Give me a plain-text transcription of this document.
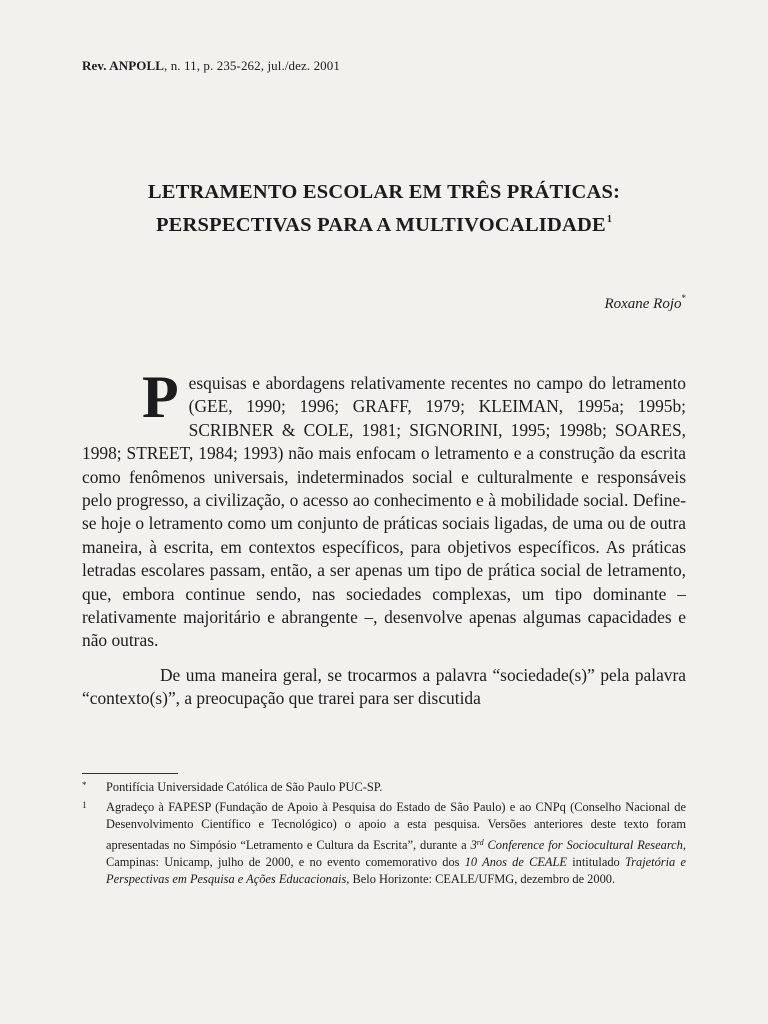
Rev. ANPOLL, n. 11, p. 235-262, jul./dez. 2001
LETRAMENTO ESCOLAR EM TRÊS PRÁTICAS:
PERSPECTIVAS PARA A MULTIVOCALIDADE$^1$
Roxane Rojo*

Pesquisas e abordagens relativamente recentes no campo do letramento (GEE, 1990; 1996; GRAFF, 1979; KLEIMAN, 1995a; 1995b; SCRIBNER & COLE, 1981; SIGNORINI, 1995; 1998b; SOARES, 1998; STREET, 1984; 1993) não mais enfocam o letramento e a construção da escrita como fenômenos universais, indeterminados social e culturalmente e responsáveis pelo progresso, a civilização, o acesso ao conhecimento e à mobilidade social. Define-se hoje o letramento como um conjunto de práticas sociais ligadas, de uma ou de outra maneira, à escrita, em contextos específicos, para objetivos específicos. As práticas letradas escolares passam, então, a ser apenas um tipo de prática social de letramento, que, embora continue sendo, nas sociedades complexas, um tipo dominante – relativamente majoritário e abrangente –, desenvolve apenas algumas capacidades e não outras.

De uma maneira geral, se trocarmos a palavra “sociedade(s)” pela palavra “contexto(s)”, a preocupação que trarei para ser discutida

* Pontifícia Universidade Católica de São Paulo PUC-SP.
1 Agradeço à FAPESP (Fundação de Apoio à Pesquisa do Estado de São Paulo) e ao CNPq (Conselho Nacional de Desenvolvimento Científico e Tecnológico) o apoio a esta pesquisa. Versões anteriores deste texto foram apresentadas no Simpósio “Letramento e Cultura da Escrita”, durante a 3rd Conference for Sociocultural Research, Campinas: Unicamp, julho de 2000, e no evento comemorativo dos 10 Anos de CEALE intitulado Trajetória e Perspectivas em Pesquisa e Ações Educacionais, Belo Horizonte: CEALE/UFMG, dezembro de 2000.
